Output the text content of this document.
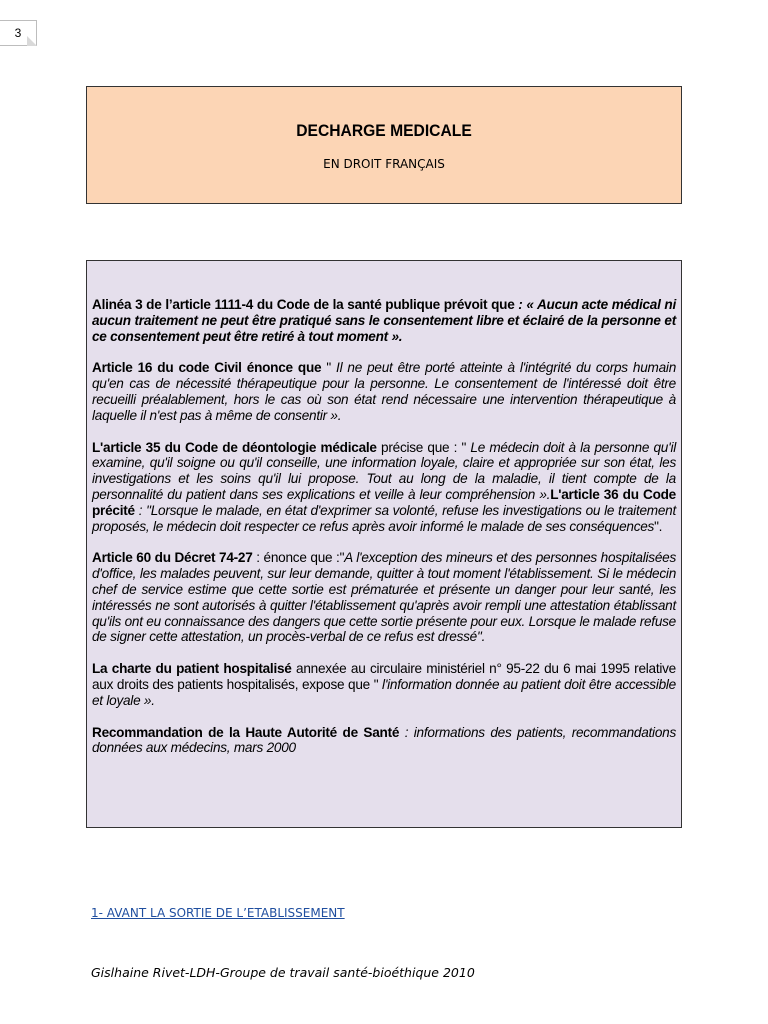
3
DECHARGE MEDICALE
EN DROIT FRANÇAIS

Alinéa 3 de l’article 1111-4 du Code de la santé publique prévoit que : « Aucun acte médical ni aucun traitement ne peut être pratiqué sans le consentement libre et éclairé de la personne et ce consentement peut être retiré à tout moment ».

Article 16 du code Civil énonce que " Il ne peut être porté atteinte à l'intégrité du corps humain qu'en cas de nécessité thérapeutique pour la personne. Le consentement de l'intéressé doit être recueilli préalablement, hors le cas où son état rend nécessaire une intervention thérapeutique à laquelle il n'est pas à même de consentir ».

L'article 35 du Code de déontologie médicale précise que : " Le médecin doit à la personne qu'il examine, qu'il soigne ou qu'il conseille, une information loyale, claire et appropriée sur son état, les investigations et les soins qu'il lui propose. Tout au long de la maladie, il tient compte de la personnalité du patient dans ses explications et veille à leur compréhension ».L'article 36 du Code précité : "Lorsque le malade, en état d'exprimer sa volonté, refuse les investigations ou le traitement proposés, le médecin doit respecter ce refus après avoir informé le malade de ses conséquences".

Article 60 du Décret 74-27 : énonce que :"A l'exception des mineurs et des personnes hospitalisées d'office, les malades peuvent, sur leur demande, quitter à tout moment l'établissement. Si le médecin chef de service estime que cette sortie est prématurée et présente un danger pour leur santé, les intéressés ne sont autorisés à quitter l'établissement qu'après avoir rempli une attestation établissant qu'ils ont eu connaissance des dangers que cette sortie présente pour eux. Lorsque le malade refuse de signer cette attestation, un procès-verbal de ce refus est dressé".

La charte du patient hospitalisé annexée au circulaire ministériel n° 95-22 du 6 mai 1995 relative aux droits des patients hospitalisés, expose que " l'information donnée au patient doit être accessible et loyale ».

Recommandation de la Haute Autorité de Santé : informations des patients, recommandations données aux médecins, mars 2000

1- AVANT LA SORTIE DE L’ETABLISSEMENT
Gislhaine Rivet-LDH-Groupe de travail santé-bioéthique 2010
